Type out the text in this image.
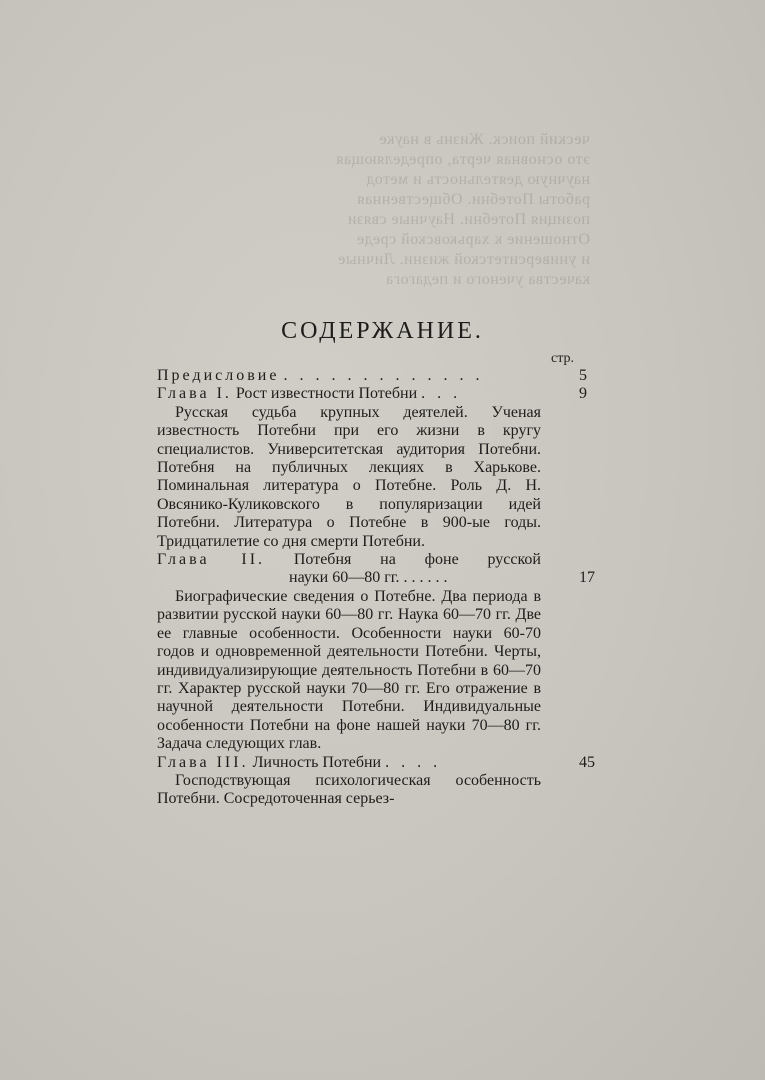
ческий поиск. Жизнь в науке
это основная черта, определяющая
научную деятельность и метод
работы Потебни. Общественная
позиция Потебни. Научные связи
Отношение к харьковской среде
и университетской жизни. Личные
качества ученого и педагога
СОДЕРЖАНИЕ.
стр.
Предисловие . . . . . . . . . . . . .	5
Глава I. Рост известности Потебни . . .	9
Русская судьба крупных деятелей. Ученая известность Потебни при его жизни в кругу специалистов. Университетская аудитория Потебни. Потебня на публичных лекциях в Харькове. Поминальная литература о Потебне. Роль Д. Н. Овсянико-Куликовского в популяризации идей Потебни. Литература о Потебне в 900-ые годы. Тридцатилетие со дня смерти Потебни.
Глава II. Потебня на фоне русской
науки 60—80 гг. . . . . . .	17
Биографические сведения о Потебне. Два периода в развитии русской науки 60—80 гг. Наука 60—70 гг. Две ее главные особенности. Особенности науки 60-70 годов и одновременной деятельности Потебни. Черты, индивидуализирующие деятельность Потебни в 60—70 гг. Характер русской науки 70—80 гг. Его отражение в научной деятельности Потебни. Индивидуальные особенности Потебни на фоне нашей науки 70—80 гг. Задача следующих глав.
Глава III. Личность Потебни . . . .	45
Господствующая психологическая особенность Потебни. Сосредоточенная серьез-
